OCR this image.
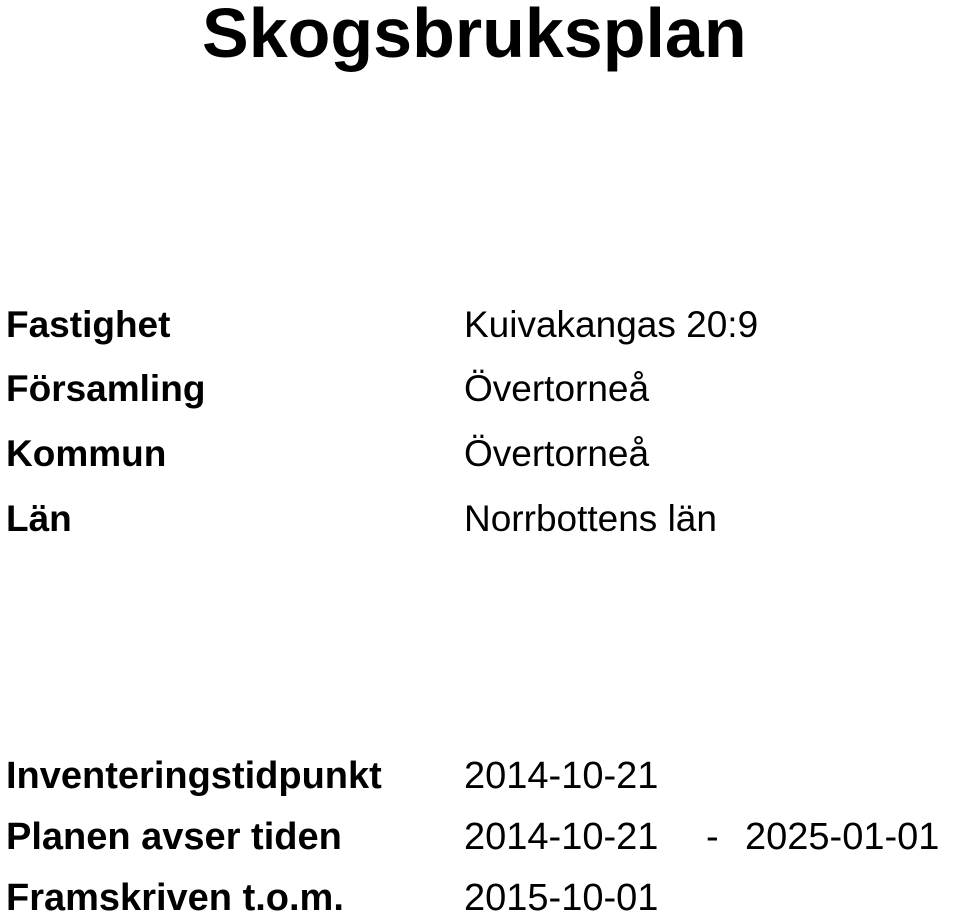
Skogsbruksplan
Fastighet	Kuivakangas 20:9
Församling	Övertorneå
Kommun	Övertorneå
Län	Norrbottens län
Inventeringstidpunkt 2014-10-21
Planen avser tiden	2014-10-21 - 2025-01-01
Framskriven t.o.m.	2015-10-01
